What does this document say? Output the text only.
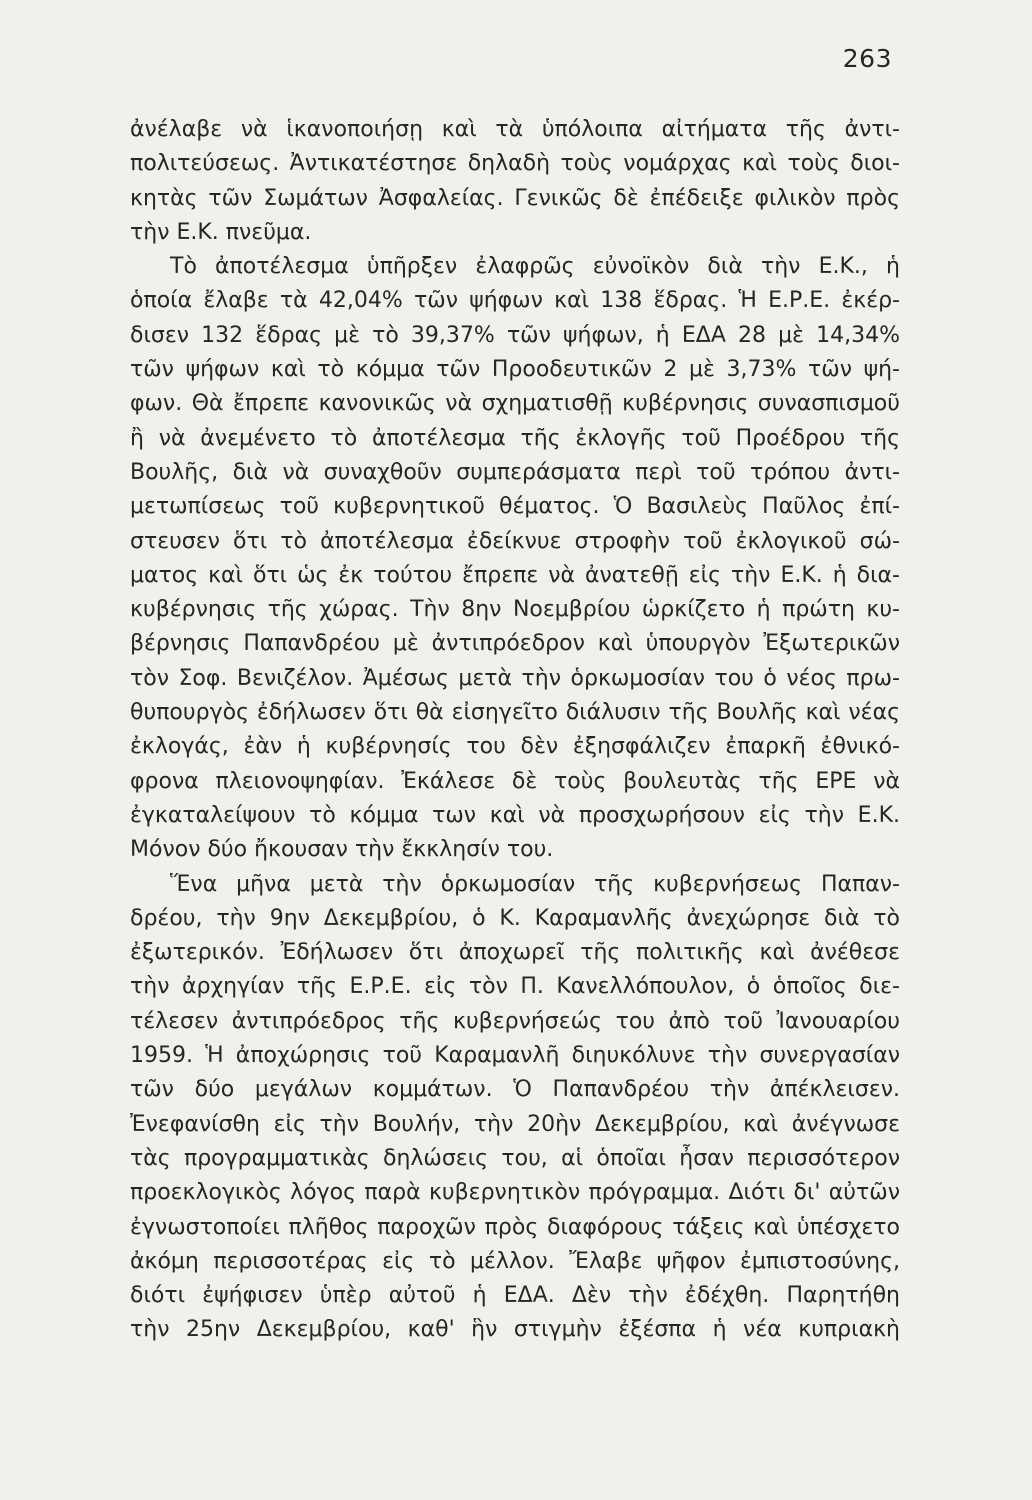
263
ἀνέλαβε νὰ ἱκανοποιήσῃ καὶ τὰ ὑπόλοιπα αἰτήματα τῆς ἀντι-
πολιτεύσεως. Ἀντικατέστησε δηλαδὴ τοὺς νομάρχας καὶ τοὺς διοι-
κητὰς τῶν Σωμάτων Ἀσφαλείας. Γενικῶς δὲ ἐπέδειξε φιλικὸν πρὸς
τὴν Ε.Κ. πνεῦμα.
Τὸ ἀποτέλεσμα ὑπῆρξεν ἐλαφρῶς εὐνοϊκὸν διὰ τὴν Ε.Κ., ἡ
ὁποία ἔλαβε τὰ 42,04% τῶν ψήφων καὶ 138 ἕδρας. Ἡ Ε.Ρ.Ε. ἐκέρ-
δισεν 132 ἕδρας μὲ τὸ 39,37% τῶν ψήφων, ἡ ΕΔΑ 28 μὲ 14,34%
τῶν ψήφων καὶ τὸ κόμμα τῶν Προοδευτικῶν 2 μὲ 3,73% τῶν ψή-
φων. Θὰ ἔπρεπε κανονικῶς νὰ σχηματισθῇ κυβέρνησις συνασπισμοῦ
ἢ νὰ ἀνεμένετο τὸ ἀποτέλεσμα τῆς ἐκλογῆς τοῦ Προέδρου τῆς
Βουλῆς, διὰ νὰ συναχθοῦν συμπεράσματα περὶ τοῦ τρόπου ἀντι-
μετωπίσεως τοῦ κυβερνητικοῦ θέματος. Ὁ Βασιλεὺς Παῦλος ἐπί-
στευσεν ὅτι τὸ ἀποτέλεσμα ἐδείκνυε στροφὴν τοῦ ἐκλογικοῦ σώ-
ματος καὶ ὅτι ὡς ἐκ τούτου ἔπρεπε νὰ ἀνατεθῇ εἰς τὴν Ε.Κ. ἡ δια-
κυβέρνησις τῆς χώρας. Τὴν 8ην Νοεμβρίου ὡρκίζετο ἡ πρώτη κυ-
βέρνησις Παπανδρέου μὲ ἀντιπρόεδρον καὶ ὑπουργὸν Ἐξωτερικῶν
τὸν Σοφ. Βενιζέλον. Ἀμέσως μετὰ τὴν ὁρκωμοσίαν του ὁ νέος πρω-
θυπουργὸς ἐδήλωσεν ὅτι θὰ εἰσηγεῖτο διάλυσιν τῆς Βουλῆς καὶ νέας
ἐκλογάς, ἐὰν ἡ κυβέρνησίς του δὲν ἐξησφάλιζεν ἐπαρκῆ ἐθνικό-
φρονα πλειονοψηφίαν. Ἐκάλεσε δὲ τοὺς βουλευτὰς τῆς ΕΡΕ νὰ
ἐγκαταλείψουν τὸ κόμμα των καὶ νὰ προσχωρήσουν εἰς τὴν Ε.Κ.
Μόνον δύο ἤκουσαν τὴν ἔκκλησίν του.
Ἕνα μῆνα μετὰ τὴν ὁρκωμοσίαν τῆς κυβερνήσεως Παπαν-
δρέου, τὴν 9ην Δεκεμβρίου, ὁ Κ. Καραμανλῆς ἀνεχώρησε διὰ τὸ
ἐξωτερικόν. Ἐδήλωσεν ὅτι ἀποχωρεῖ τῆς πολιτικῆς καὶ ἀνέθεσε
τὴν ἀρχηγίαν τῆς Ε.Ρ.Ε. εἰς τὸν Π. Κανελλόπουλον, ὁ ὁποῖος διε-
τέλεσεν ἀντιπρόεδρος τῆς κυβερνήσεώς του ἀπὸ τοῦ Ἰανουαρίου
1959. Ἡ ἀποχώρησις τοῦ Καραμανλῆ διηυκόλυνε τὴν συνεργασίαν
τῶν δύο μεγάλων κομμάτων. Ὁ Παπανδρέου τὴν ἀπέκλεισεν.
Ἐνεφανίσθη εἰς τὴν Βουλήν, τὴν 20ὴν Δεκεμβρίου, καὶ ἀνέγνωσε
τὰς προγραμματικὰς δηλώσεις του, αἱ ὁποῖαι ἦσαν περισσότερον
προεκλογικὸς λόγος παρὰ κυβερνητικὸν πρόγραμμα. Διότι δι' αὐτῶν
ἐγνωστοποίει πλῆθος παροχῶν πρὸς διαφόρους τάξεις καὶ ὑπέσχετο
ἀκόμη περισσοτέρας εἰς τὸ μέλλον. Ἔλαβε ψῆφον ἐμπιστοσύνης,
διότι ἐψήφισεν ὑπὲρ αὐτοῦ ἡ ΕΔΑ. Δὲν τὴν ἐδέχθη. Παρητήθη
τὴν 25ην Δεκεμβρίου, καθ' ἣν στιγμὴν ἐξέσπα ἡ νέα κυπριακὴ
